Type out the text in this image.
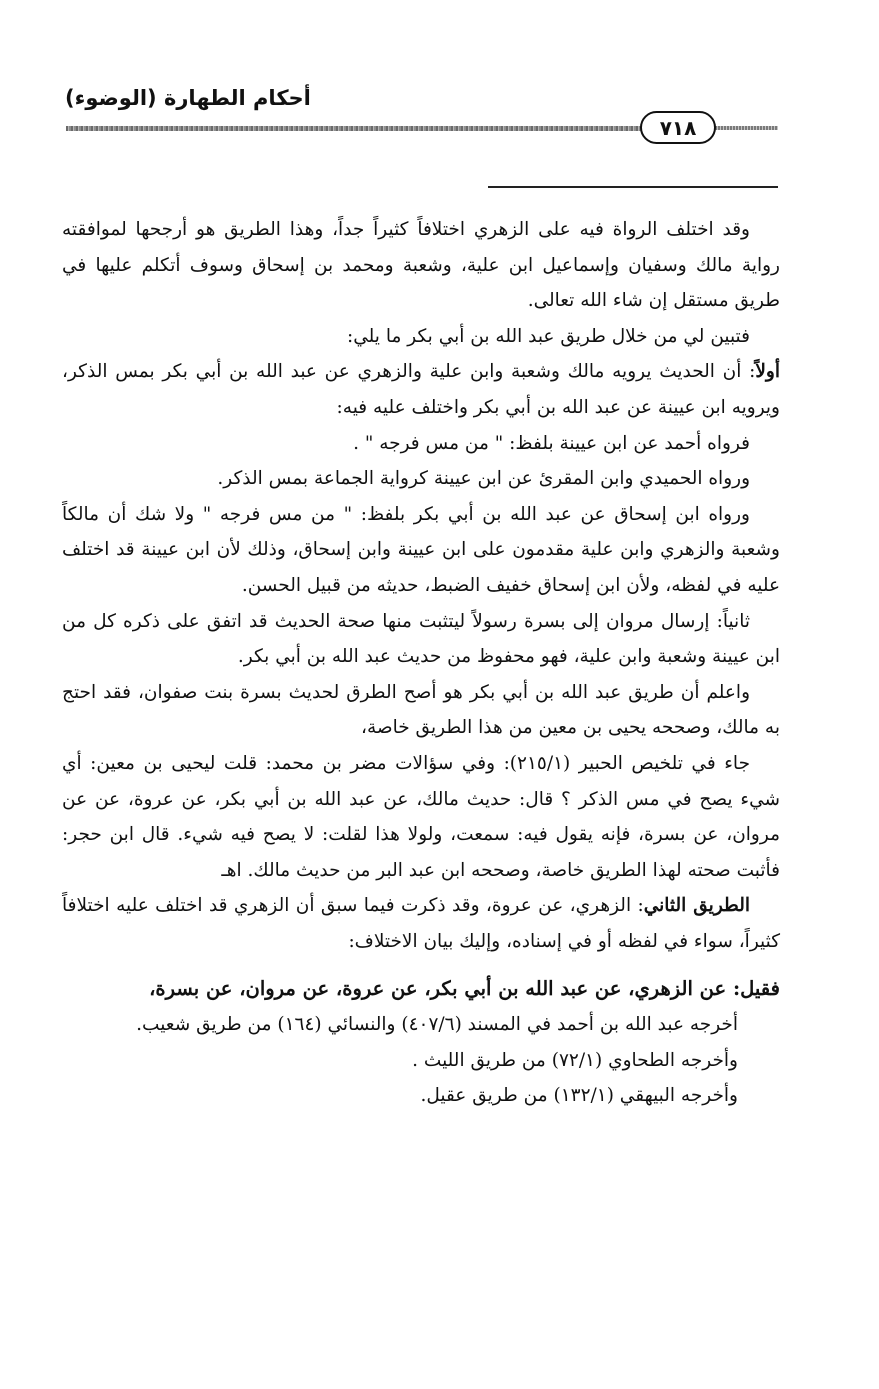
أحكام الطهارة (الوضوء)
٧١٨

وقد اختلف الرواة فيه على الزهري اختلافاً كثيراً جداً، وهذا الطريق هو أرجحها لموافقته رواية مالك وسفيان وإسماعيل ابن علية، وشعبة ومحمد بن إسحاق وسوف أتكلم عليها في طريق مستقل إن شاء الله تعالى.

فتبين لي من خلال طريق عبد الله بن أبي بكر ما يلي:

أولاً: أن الحديث يرويه مالك وشعبة وابن علية والزهري عن عبد الله بن أبي بكر بمس الذكر، ويرويه ابن عيينة عن عبد الله بن أبي بكر واختلف عليه فيه:

فرواه أحمد عن ابن عيينة بلفظ: " من مس فرجه " .

ورواه الحميدي وابن المقرئ عن ابن عيينة كرواية الجماعة بمس الذكر.

ورواه ابن إسحاق عن عبد الله بن أبي بكر بلفظ: " من مس فرجه " ولا شك أن مالكاً وشعبة والزهري وابن علية مقدمون على ابن عيينة وابن إسحاق، وذلك لأن ابن عيينة قد اختلف عليه في لفظه، ولأن ابن إسحاق خفيف الضبط، حديثه من قبيل الحسن.

ثانياً: إرسال مروان إلى بسرة رسولاً ليتثبت منها صحة الحديث قد اتفق على ذكره كل من ابن عيينة وشعبة وابن علية، فهو محفوظ من حديث عبد الله بن أبي بكر.

واعلم أن طريق عبد الله بن أبي بكر هو أصح الطرق لحديث بسرة بنت صفوان، فقد احتج به مالك، وصححه يحيى بن معين من هذا الطريق خاصة،

جاء في تلخيص الحبير (٢١٥/١): وفي سؤالات مضر بن محمد: قلت ليحيى بن معين: أي شيء يصح في مس الذكر ؟ قال: حديث مالك، عن عبد الله بن أبي بكر، عن عروة، عن عن مروان، عن بسرة، فإنه يقول فيه: سمعت، ولولا هذا لقلت: لا يصح فيه شيء. قال ابن حجر: فأثبت صحته لهذا الطريق خاصة، وصححه ابن عبد البر من حديث مالك. اهـ

الطريق الثاني: الزهري، عن عروة، وقد ذكرت فيما سبق أن الزهري قد اختلف عليه اختلافاً كثيراً، سواء في لفظه أو في إسناده، وإليك بيان الاختلاف:

فقيل: عن الزهري، عن عبد الله بن أبي بكر، عن عروة، عن مروان، عن بسرة،

أخرجه عبد الله بن أحمد في المسند (٤٠٧/٦) والنسائي (١٦٤) من طريق شعيب.

وأخرجه الطحاوي (٧٢/١) من طريق الليث .

وأخرجه البيهقي (١٣٢/١) من طريق عقيل.
